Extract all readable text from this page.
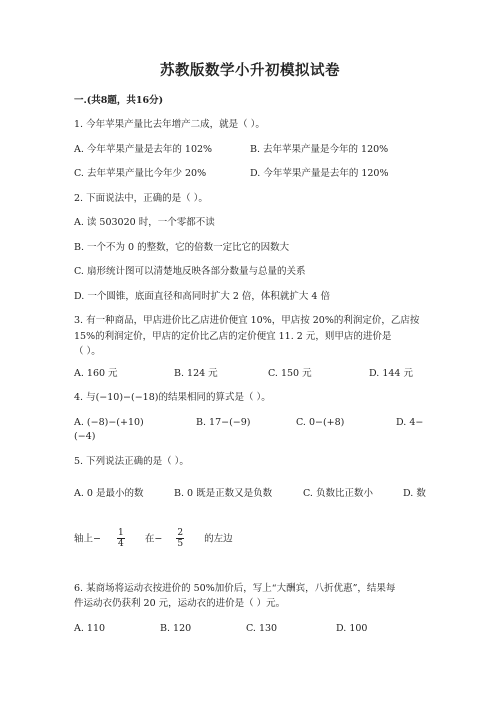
苏教版数学小升初模拟试卷
一.(共8题，共16分)
1. 今年苹果产量比去年增产二成，就是（ ）。
A. 今年苹果产量是去年的 102%	B. 去年苹果产量是今年的 120%
C. 去年苹果产量比今年少 20%	D. 今年苹果产量是去年的 120%
2. 下面说法中，正确的是（ ）。
A. 读 503020 时，一个零都不读
B. 一个不为 0 的整数，它的倍数一定比它的因数大
C. 扇形统计图可以清楚地反映各部分数量与总量的关系
D. 一个圆锥，底面直径和高同时扩大 2 倍，体积就扩大 4 倍
3. 有一种商品，甲店进价比乙店进价便宜 10%，甲店按 20%的利润定价，乙店按
15%的利润定价，甲店的定价比乙店的定价便宜 11. 2 元，则甲店的进价是
（ ）。
A. 160 元	B. 124 元	C. 150 元	D. 144 元
4. 与(−10)−(−18)的结果相同的算式是（ ）。
A. (−8)−(+10)	B. 17−(−9)	C. 0−(+8)	D. 4−
(−4)
5. 下列说法正确的是（ ）。
A. 0 是最小的数	B. 0 既是正数又是负数	C. 负数比正数小	D. 数
轴上− $\frac{1}{4}$ 在− $\frac{2}{5}$ 的左边
6. 某商场将运动衣按进价的 50%加价后，写上“大酬宾，八折优惠”，结果每
件运动衣仍获利 20 元，运动衣的进价是（ ）元。
A. 110	B. 120	C. 130	D. 100
